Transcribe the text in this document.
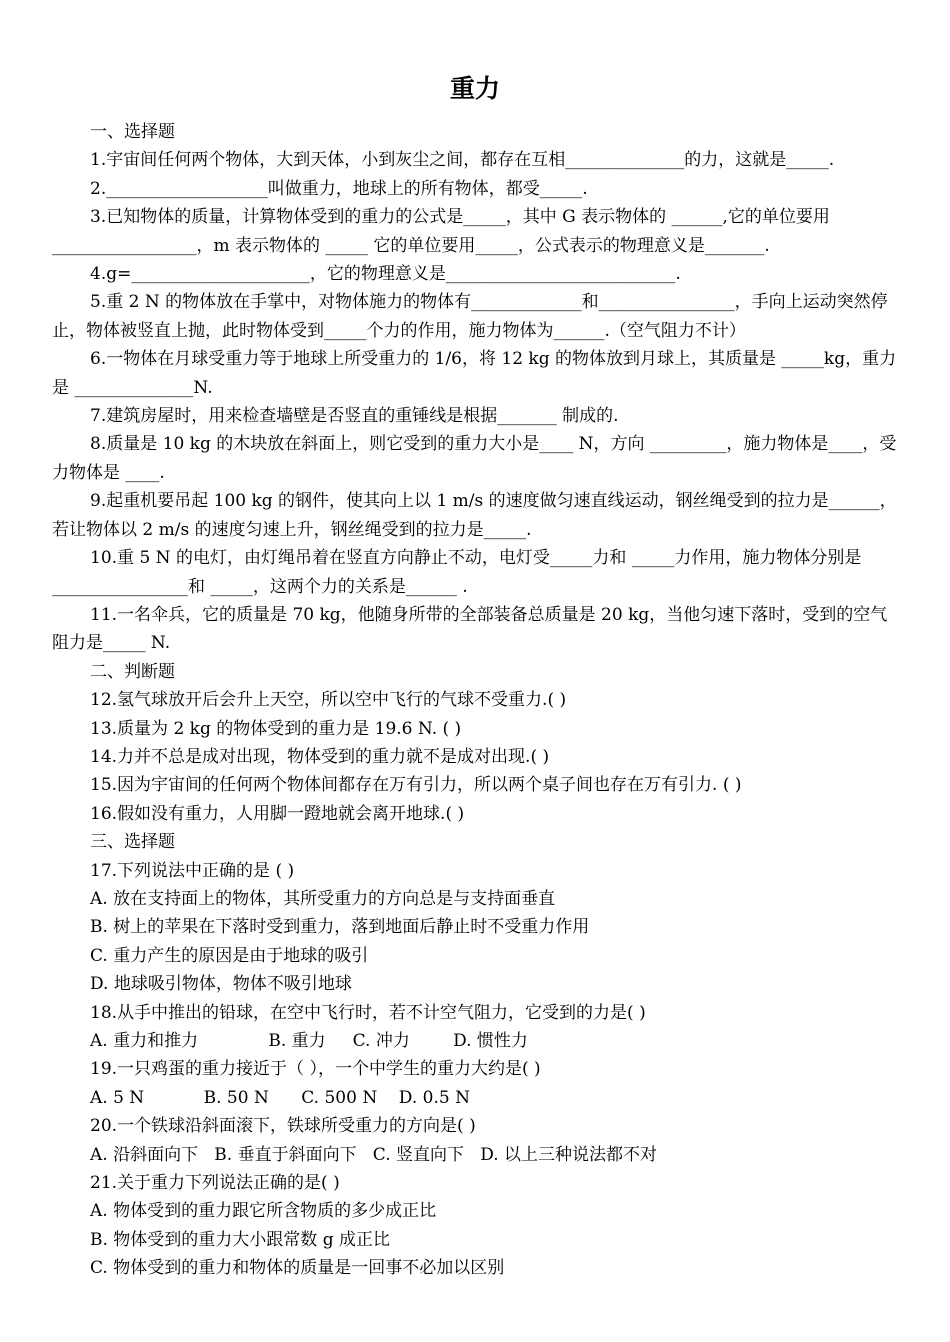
重力

一、选择题

1.宇宙间任何两个物体，大到天体，小到灰尘之间，都存在互相______________的力，这就是_____.

2.___________________叫做重力，地球上的所有物体，都受_____.

3.已知物体的质量，计算物体受到的重力的公式是_____，其中 G 表示物体的 ______,它的单位要用_________________，m 表示物体的 _____ 它的单位要用_____，公式表示的物理意义是_______.

4.g=_____________________，它的物理意义是___________________________.

5.重 2 N 的物体放在手掌中，对物体施力的物体有_____________和________________，手向上运动突然停止，物体被竖直上抛，此时物体受到_____个力的作用，施力物体为______.（空气阻力不计）

6.一物体在月球受重力等于地球上所受重力的 1/6，将 12 kg 的物体放到月球上，其质量是 _____kg，重力是 ______________N.

7.建筑房屋时，用来检查墙壁是否竖直的重锤线是根据_______ 制成的.

8.质量是 10 kg 的木块放在斜面上，则它受到的重力大小是____ N，方向 _________，施力物体是____，受力物体是 ____.

9.起重机要吊起 100 kg 的钢件，使其向上以 1 m/s 的速度做匀速直线运动，钢丝绳受到的拉力是______，若让物体以 2 m/s 的速度匀速上升，钢丝绳受到的拉力是_____.

10.重 5 N 的电灯，由灯绳吊着在竖直方向静止不动，电灯受_____力和 _____力作用，施力物体分别是________________和 _____，这两个力的关系是______ .

11.一名伞兵，它的质量是 70 kg，他随身所带的全部装备总质量是 20 kg，当他匀速下落时，受到的空气阻力是_____ N.

二、判断题

12.氢气球放开后会升上天空，所以空中飞行的气球不受重力.( )

13.质量为 2 kg 的物体受到的重力是 19.6 N. ( )

14.力并不总是成对出现，物体受到的重力就不是成对出现.( )

15.因为宇宙间的任何两个物体间都存在万有引力，所以两个桌子间也存在万有引力. ( )

16.假如没有重力，人用脚一蹬地就会离开地球.( )

三、选择题

17.下列说法中正确的是 ( )

A. 放在支持面上的物体，其所受重力的方向总是与支持面垂直

B. 树上的苹果在下落时受到重力，落到地面后静止时不受重力作用

C. 重力产生的原因是由于地球的吸引

D. 地球吸引物体，物体不吸引地球

18.从手中推出的铅球，在空中飞行时，若不计空气阻力，它受到的力是( )

A. 重力和推力             B. 重力     C. 冲力        D. 惯性力

19.一只鸡蛋的重力接近于（ ），一个中学生的重力大约是( )

A. 5 N           B. 50 N      C. 500 N    D. 0.5 N

20.一个铁球沿斜面滚下，铁球所受重力的方向是( )

A. 沿斜面向下   B. 垂直于斜面向下   C. 竖直向下   D. 以上三种说法都不对

21.关于重力下列说法正确的是( )

A. 物体受到的重力跟它所含物质的多少成正比

B. 物体受到的重力大小跟常数 g 成正比

C. 物体受到的重力和物体的质量是一回事不必加以区别
